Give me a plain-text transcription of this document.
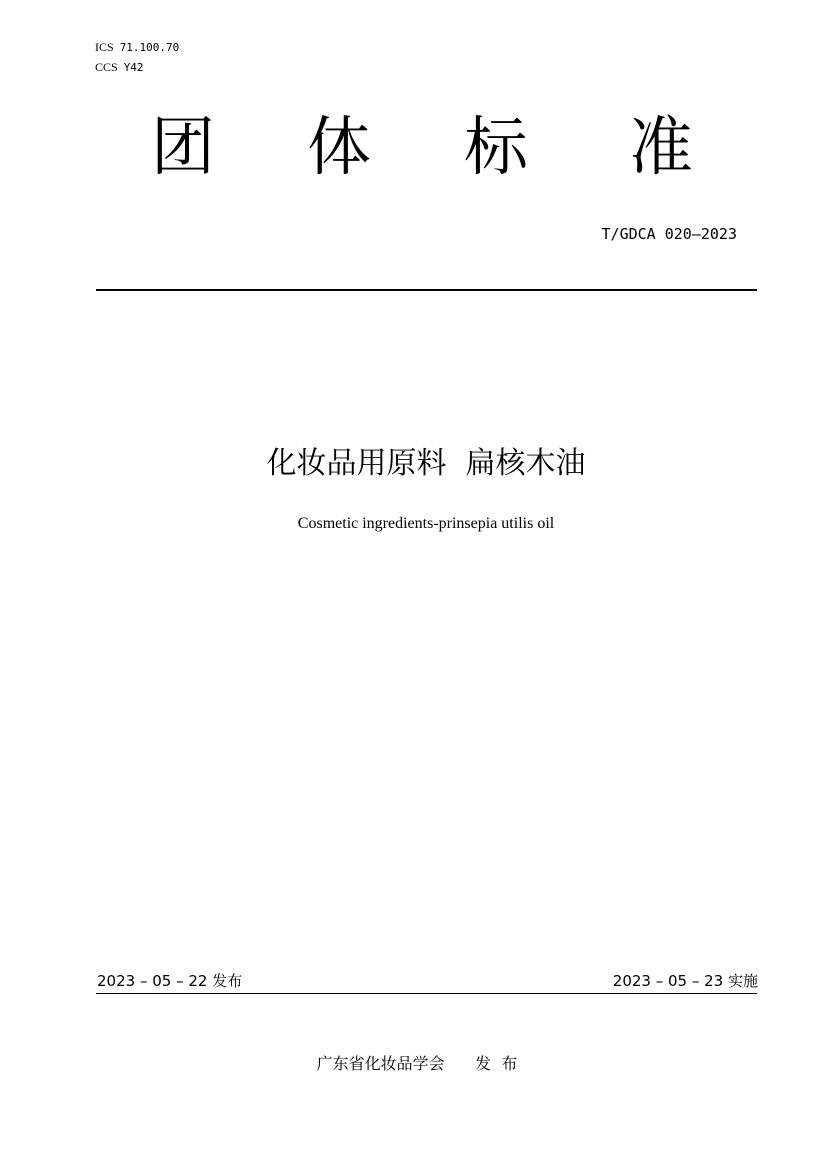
ICS 71.100.70
CCS Y42
团 体 标 准
T/GDCA 020—2023
化妆品用原料  扁核木油
Cosmetic ingredients-prinsepia utilis oil
2023 – 05 – 22 发布	2023 – 05 – 23 实施
广东省化妆品学会      发  布
